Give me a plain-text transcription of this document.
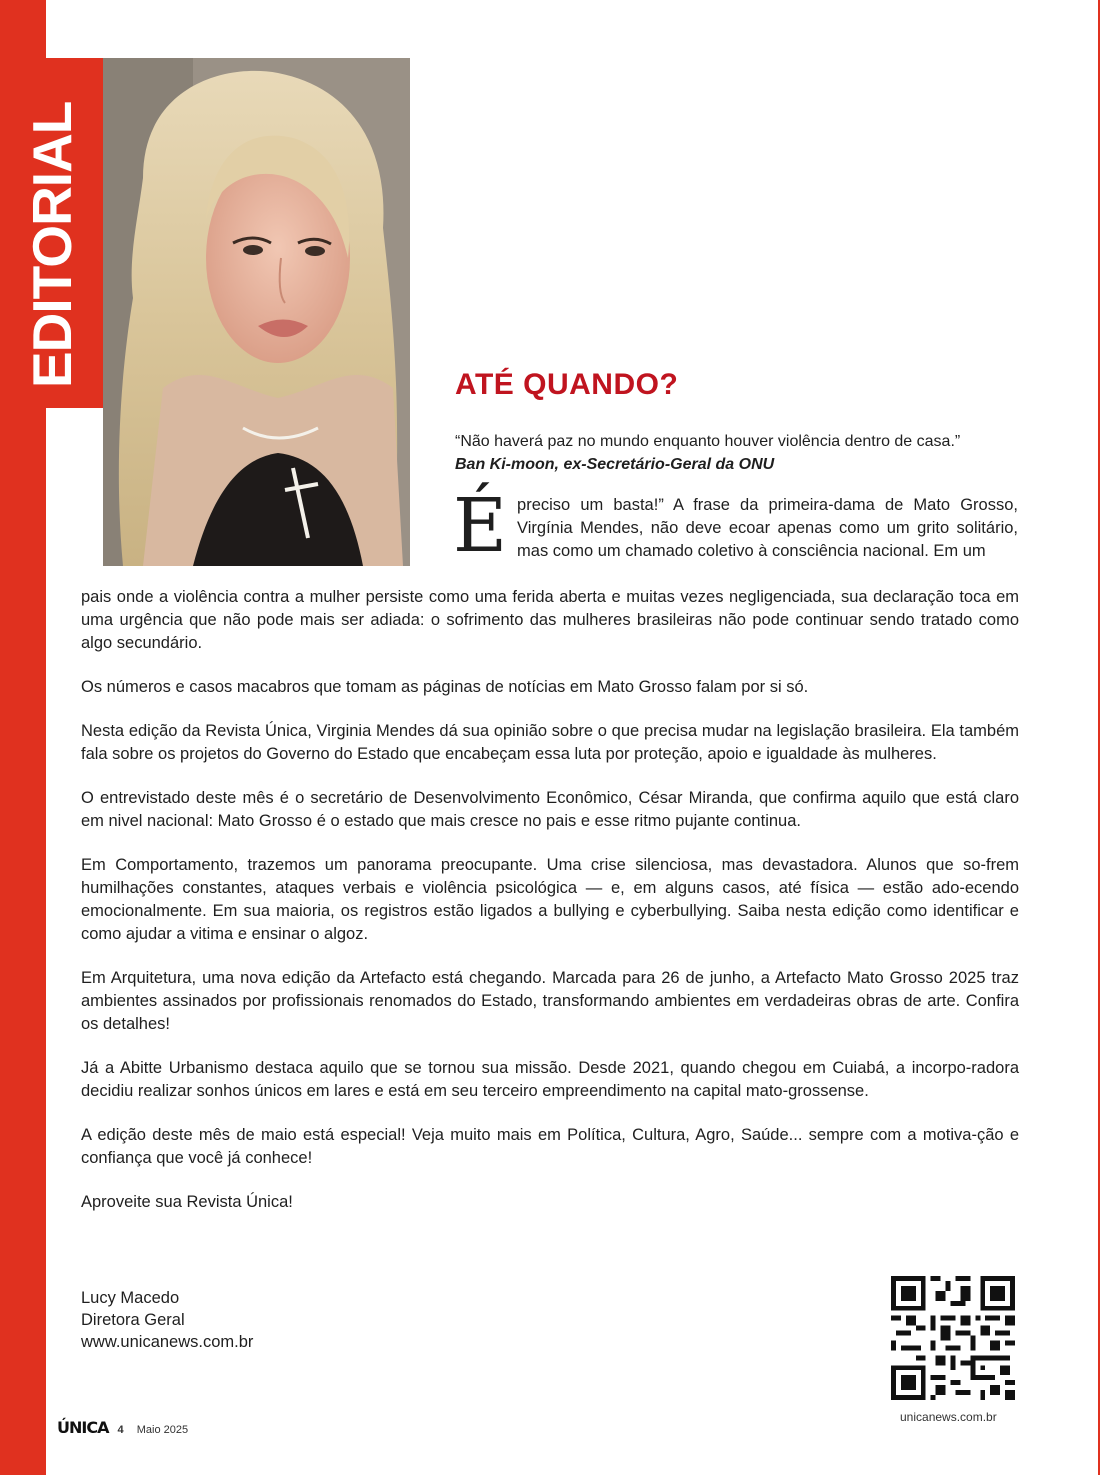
EDITORIAL	ATÉ QUANDO?
“Não haverá paz no mundo enquanto houver violência dentro de casa.”
Ban Ki-moon, ex-Secretário-Geral da ONU
É preciso um basta!” A frase da primeira-dama de Mato Grosso, Virgínia Mendes, não deve ecoar apenas como um grito solitário, mas como um chamado coletivo à consciência nacional. Em um

pais onde a violência contra a mulher persiste como uma ferida aberta e muitas vezes negligenciada, sua declaração toca em uma urgência que não pode mais ser adiada: o sofrimento das mulheres brasileiras não pode continuar sendo tratado como algo secundário.

Os números e casos macabros que tomam as páginas de notícias em Mato Grosso falam por si só.

Nesta edição da Revista Única, Virginia Mendes dá sua opinião sobre o que precisa mudar na legislação brasileira. Ela também fala sobre os projetos do Governo do Estado que encabeçam essa luta por proteção, apoio e igualdade às mulheres.

O entrevistado deste mês é o secretário de Desenvolvimento Econômico, César Miranda, que confirma aquilo que está claro em nivel nacional: Mato Grosso é o estado que mais cresce no pais e esse ritmo pujante continua.

Em Comportamento, trazemos um panorama preocupante. Uma crise silenciosa, mas devastadora. Alunos que so-frem humilhações constantes, ataques verbais e violência psicológica — e, em alguns casos, até física — estão ado-ecendo emocionalmente. Em sua maioria, os registros estão ligados a bullying e cyberbullying. Saiba nesta edição como identificar e como ajudar a vitima e ensinar o algoz.

Em Arquitetura, uma nova edição da Artefacto está chegando. Marcada para 26 de junho, a Artefacto Mato Grosso 2025 traz ambientes assinados por profissionais renomados do Estado, transformando ambientes em verdadeiras obras de arte. Confira os detalhes!

Já a Abitte Urbanismo destaca aquilo que se tornou sua missão. Desde 2021, quando chegou em Cuiabá, a incorpo-radora decidiu realizar sonhos únicos em lares e está em seu terceiro empreendimento na capital mato-grossense.

A edição deste mês de maio está especial! Veja muito mais em Política, Cultura, Agro, Saúde... sempre com a motiva-ção e confiança que você já conhece!

Aproveite sua Revista Única!

Lucy Macedo
Diretora Geral
www.unicanews.com.br
unicanews.com.br
ÚNICA 4 Maio 2025
